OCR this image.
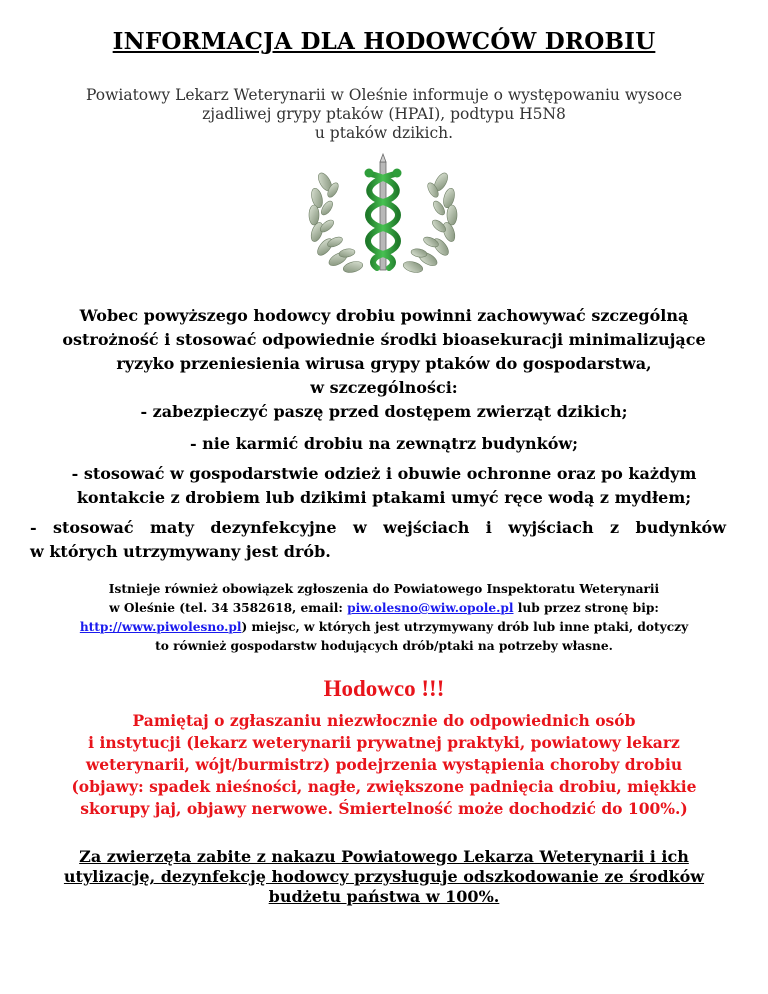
INFORMACJA DLA HODOWCÓW DROBIU
Powiatowy Lekarz Weterynarii w Oleśnie informuje o występowaniu wysoce
zjadliwej grypy ptaków (HPAI), podtypu H5N8
u ptaków dzikich.
Wobec powyższego hodowcy drobiu powinni zachowywać szczególną
ostrożność i stosować odpowiednie środki bioasekuracji minimalizujące
ryzyko przeniesienia wirusa grypy ptaków do gospodarstwa,
w szczególności:
- zabezpieczyć paszę przed dostępem zwierząt dzikich;
- nie karmić drobiu na zewnątrz budynków;
- stosować w gospodarstwie odzież i obuwie ochronne oraz po każdym
kontakcie z drobiem lub dzikimi ptakami umyć ręce wodą z mydłem;
- stosować maty dezynfekcyjne w wejściach i wyjściach z budynków
w których utrzymywany jest drób.
Istnieje również obowiązek zgłoszenia do Powiatowego Inspektoratu Weterynarii
w Oleśnie (tel. 34 3582618, email: piw.olesno@wiw.opole.pl lub przez stronę bip:
http://www.piwolesno.pl) miejsc, w których jest utrzymywany drób lub inne ptaki, dotyczy
to również gospodarstw hodujących drób/ptaki na potrzeby własne.
Hodowco !!!
Pamiętaj o zgłaszaniu niezwłocznie do odpowiednich osób
i instytucji (lekarz weterynarii prywatnej praktyki, powiatowy lekarz
weterynarii, wójt/burmistrz) podejrzenia wystąpienia choroby drobiu
(objawy: spadek nieśności, nagłe, zwiększone padnięcia drobiu, miękkie
skorupy jaj, objawy nerwowe. Śmiertelność może dochodzić do 100%.)
Za zwierzęta zabite z nakazu Powiatowego Lekarza Weterynarii i ich
utylizację, dezynfekcję hodowcy przysługuje odszkodowanie ze środków
budżetu państwa w 100%.
